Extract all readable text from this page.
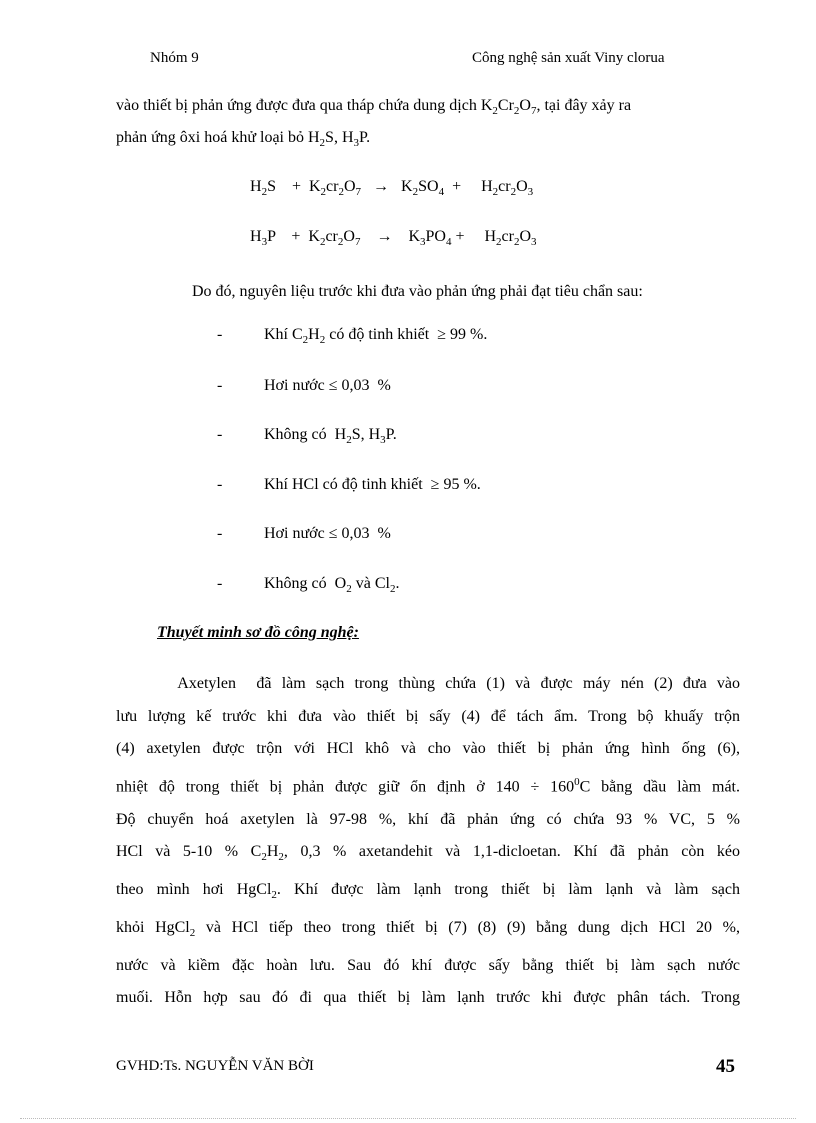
Nhóm 9	Công nghệ sản xuất Viny clorua
vào thiết bị phản ứng được đưa qua tháp chứa dung dịch $K_2Cr_2O_7$, tại đây xảy ra
phản ứng ôxi hoá khử loại bỏ $H_2S$, $H_3P$.
$H_2S$    +  $K_2cr_2O_7 \to K_2SO_4$  +     $H_2cr_2O_3$
$H_3P$    +  $K_2cr_2O_7$    →    $K_3PO_4$ +     $H_2cr_2O_3$
Do đó, nguyên liệu trước khi đưa vào phản ứng phải đạt tiêu chẩn sau:
-	Khí $C_2H_2$ có độ tinh khiết  ≥ 99 %.
-	Hơi nước ≤ 0,03  %
-	Không có  $H_2S$, $H_3P$.
-	Khí HCl có độ tinh khiết  ≥ 95 %.
-	Hơi nước ≤ 0,03  %
-	Không có  $O_2$ và $Cl_2$.
Thuyết minh sơ đồ công nghệ:
Axetylen  đã làm sạch trong thùng chứa (1) và được máy nén (2) đưa vào
lưu lượng kế trước khi đưa vào thiết bị sấy (4) để tách ẩm. Trong bộ khuấy trộn
(4) axetylen được trộn với HCl khô và cho vào thiết bị phản ứng hình ống (6),
nhiệt độ trong thiết bị phản được giữ ổn định ở $140 \div 160^0C$ bằng dầu làm mát.
Độ chuyển hoá axetylen là 97-98 %, khí đã phản ứng có chứa 93 % VC, 5 %
HCl và 5-10 % $C_2H_2$, 0,3 % axetandehit và 1,1-dicloetan. Khí đã phản còn kéo
theo mình hơi HgCl$_2$. Khí được làm lạnh trong thiết bị làm lạnh và làm sạch
khỏi HgCl$_2$ và HCl tiếp theo trong thiết bị (7) (8) (9) bằng dung dịch HCl 20 %,
nước và kiềm đặc hoàn lưu. Sau đó khí được sấy bằng thiết bị làm sạch nước
muối. Hỗn hợp sau đó đi qua thiết bị làm lạnh trước khi được phân tách. Trong
GVHD:Ts. NGUYỄN VĂN BỜI	45
